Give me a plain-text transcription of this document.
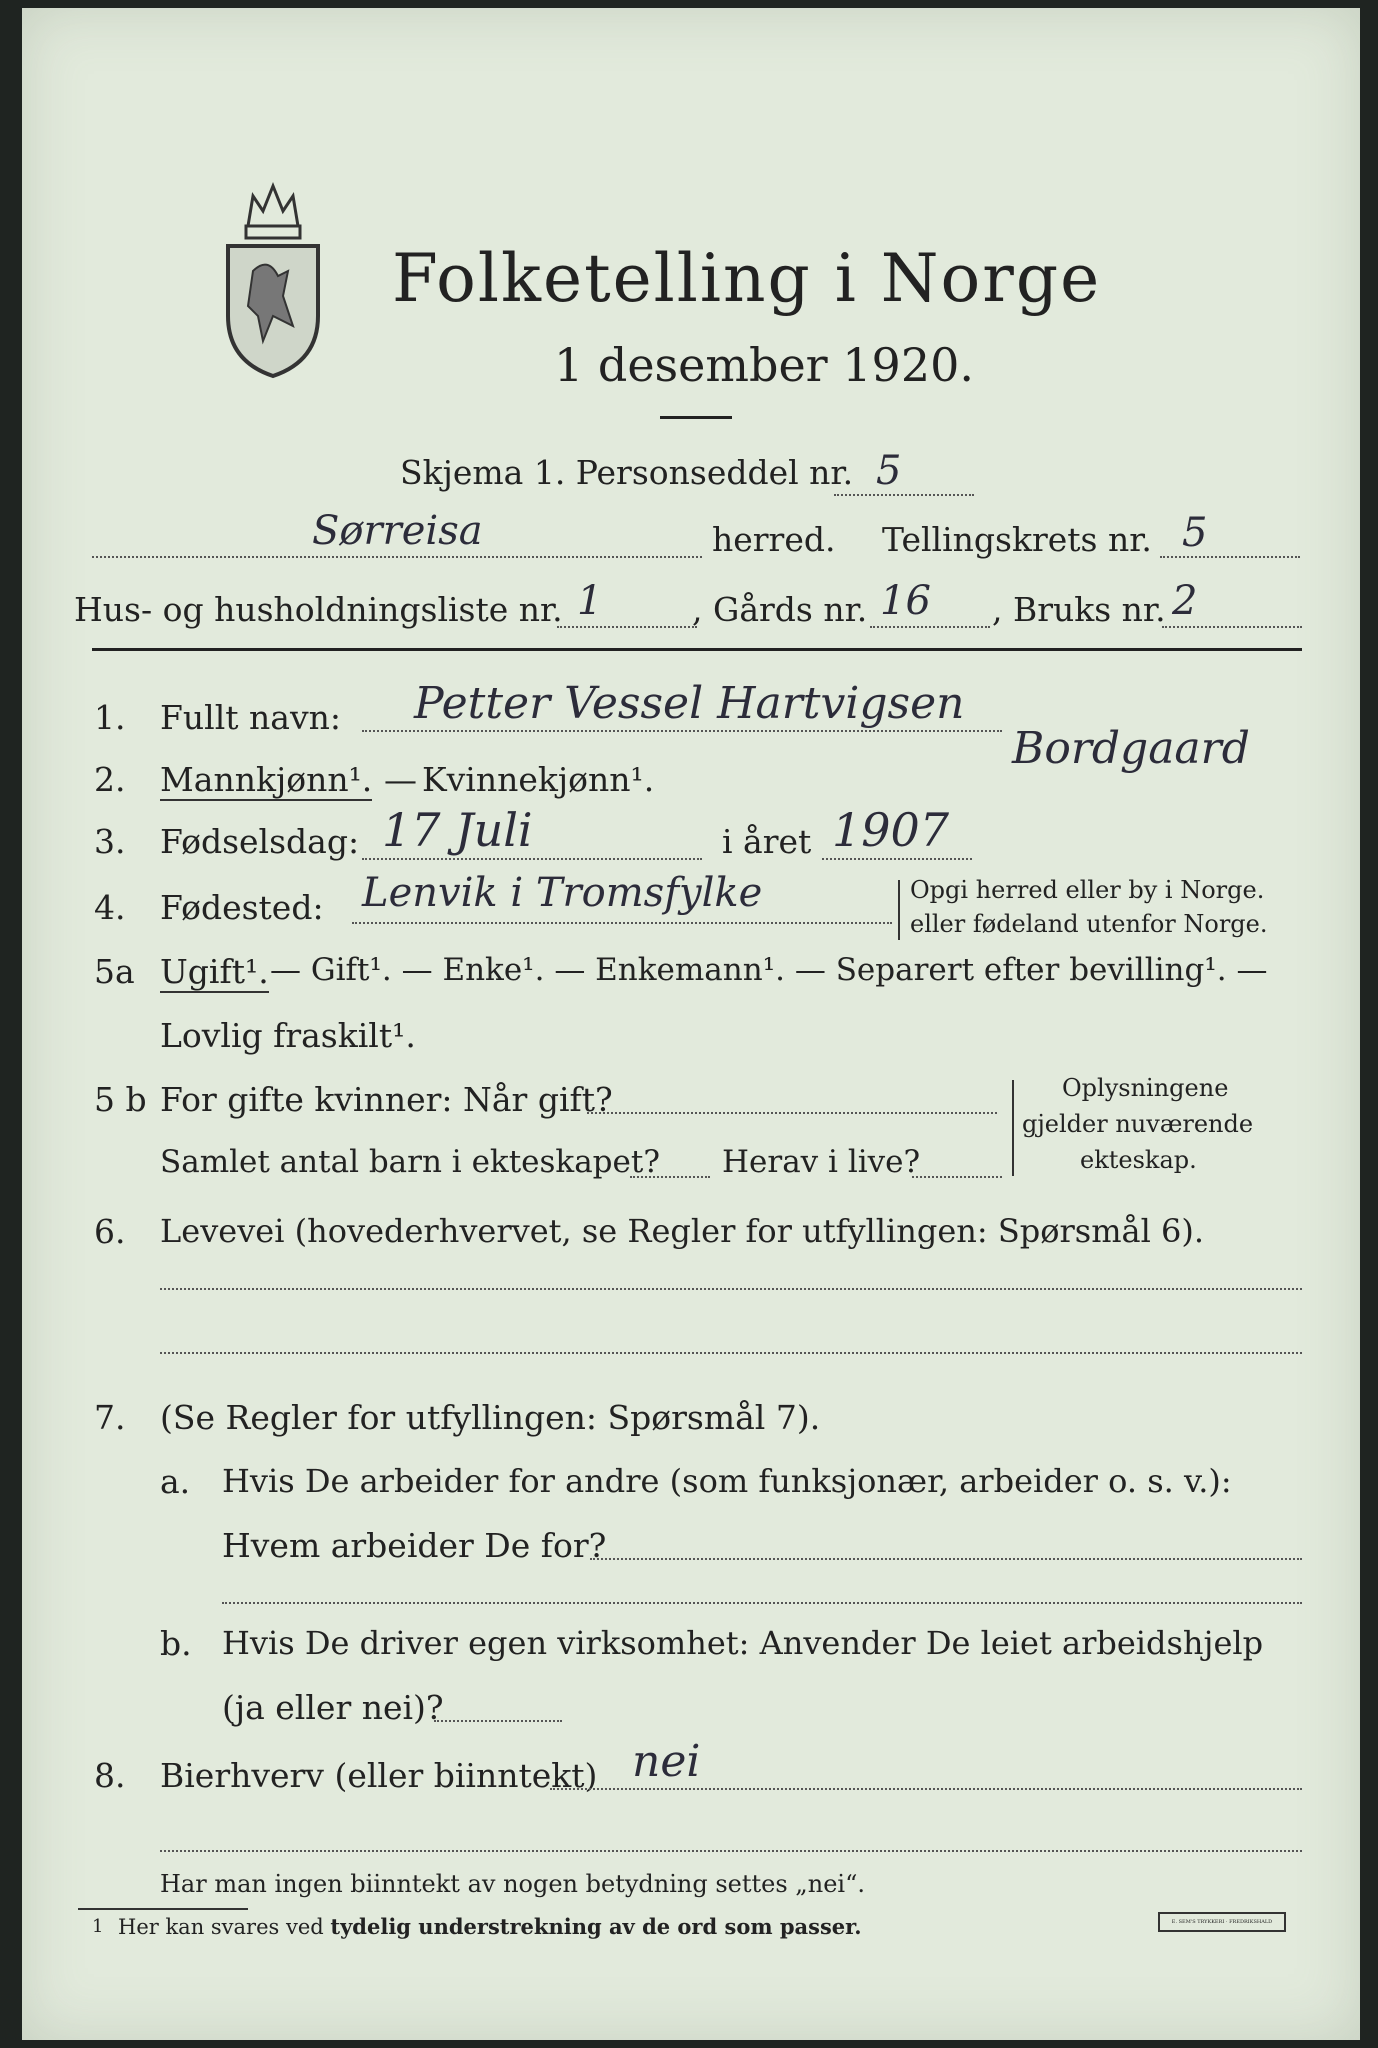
Folketelling i Norge
1 desember 1920.
Skjema 1. Personseddel nr. 5
Sørreisa	herred. Tellingskrets nr. 5
Hus- og husholdningsliste nr. 1	, Gårds nr. 16 , Bruks nr. 2
1. Fullt navn: Petter Vessel Hartvigsen
Bordgaard
2. Mannkjønn¹. — Kvinnekjønn¹.
3. Fødselsdag: 17 Juli	i året 1907
4. Fødested: Lenvik i Tromsfylke	Opgi herred eller by i Norge.
eller fødeland utenfor Norge.
5a Ugift¹. — Gift¹. — Enke¹. — Enkemann¹. — Separert efter bevilling¹. —
Lovlig fraskilt¹.
5 b For gifte kvinner: Når gift?
Samlet antal barn i ekteskapet? Herav i live?
Oplysningene
gjelder nuværende
ekteskap.
6. Levevei (hovederhvervet, se Regler for utfyllingen: Spørsmål 6).
7. (Se Regler for utfyllingen: Spørsmål 7).
a. Hvis De arbeider for andre (som funksjonær, arbeider o. s. v.):
Hvem arbeider De for?
b. Hvis De driver egen virksomhet: Anvender De leiet arbeidshjelp
(ja eller nei)?
8. Bierhverv (eller biinntekt) nei
Har man ingen biinntekt av nogen betydning settes „nei“.
1 Her kan svares ved tydelig understrekning av de ord som passer.	E. SEM'S TRYKKERI · FREDRIKSHALD
